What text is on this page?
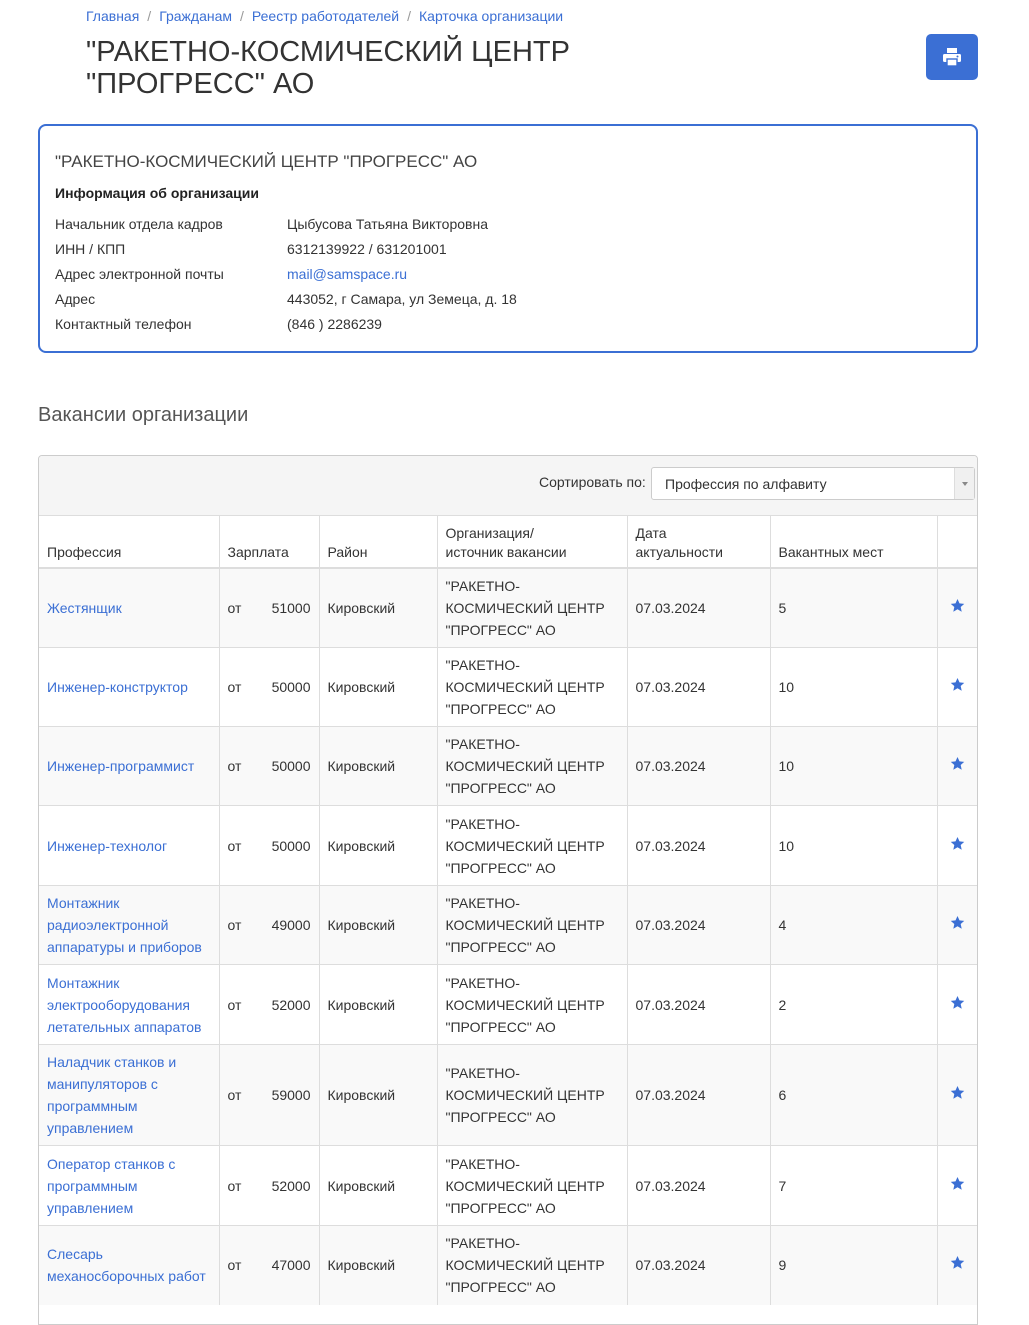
Главная / Гражданам / Реестр работодателей / Карточка организации
"РАКЕТНО-КОСМИЧЕСКИЙ ЦЕНТР "ПРОГРЕСС" АО
"РАКЕТНО-КОСМИЧЕСКИЙ ЦЕНТР "ПРОГРЕСС" АО
Информация об организации
Начальник отдела кадров	Цыбусова Татьяна Викторовна
ИНН / КПП	6312139922 / 631201001
Адрес электронной почты	mail@samspace.ru
Адрес	443052, г Самара, ул Земеца, д. 18
Контактный телефон	(846 ) 2286239
Вакансии организации
Сортировать по: Профессия по алфавиту
Профессия	Зарплата	Район	Организация/
источник вакансии	Дата
актуальности	Вакантных мест	
Жестянщик	от 51000	Кировский	"РАКЕТНО-КОСМИЧЕСКИЙ ЦЕНТР "ПРОГРЕСС" АО	07.03.2024	5	
Инженер-конструктор	от 50000	Кировский	"РАКЕТНО-КОСМИЧЕСКИЙ ЦЕНТР "ПРОГРЕСС" АО	07.03.2024	10	
Инженер-программист	от 50000	Кировский	"РАКЕТНО-КОСМИЧЕСКИЙ ЦЕНТР "ПРОГРЕСС" АО	07.03.2024	10	
Инженер-технолог	от 50000	Кировский	"РАКЕТНО-КОСМИЧЕСКИЙ ЦЕНТР "ПРОГРЕСС" АО	07.03.2024	10	
Монтажник радиоэлектронной аппаратуры и приборов	от 49000	Кировский	"РАКЕТНО-КОСМИЧЕСКИЙ ЦЕНТР "ПРОГРЕСС" АО	07.03.2024	4	
Монтажник электрооборудования летательных аппаратов	от 52000	Кировский	"РАКЕТНО-КОСМИЧЕСКИЙ ЦЕНТР "ПРОГРЕСС" АО	07.03.2024	2	
Наладчик станков и манипуляторов с программным управлением	от 59000	Кировский	"РАКЕТНО-КОСМИЧЕСКИЙ ЦЕНТР "ПРОГРЕСС" АО	07.03.2024	6	
Оператор станков с программным управлением	от 52000	Кировский	"РАКЕТНО-КОСМИЧЕСКИЙ ЦЕНТР "ПРОГРЕСС" АО	07.03.2024	7	
Слесарь механосборочных работ	от 47000	Кировский	"РАКЕТНО-КОСМИЧЕСКИЙ ЦЕНТР "ПРОГРЕСС" АО	07.03.2024	9	
